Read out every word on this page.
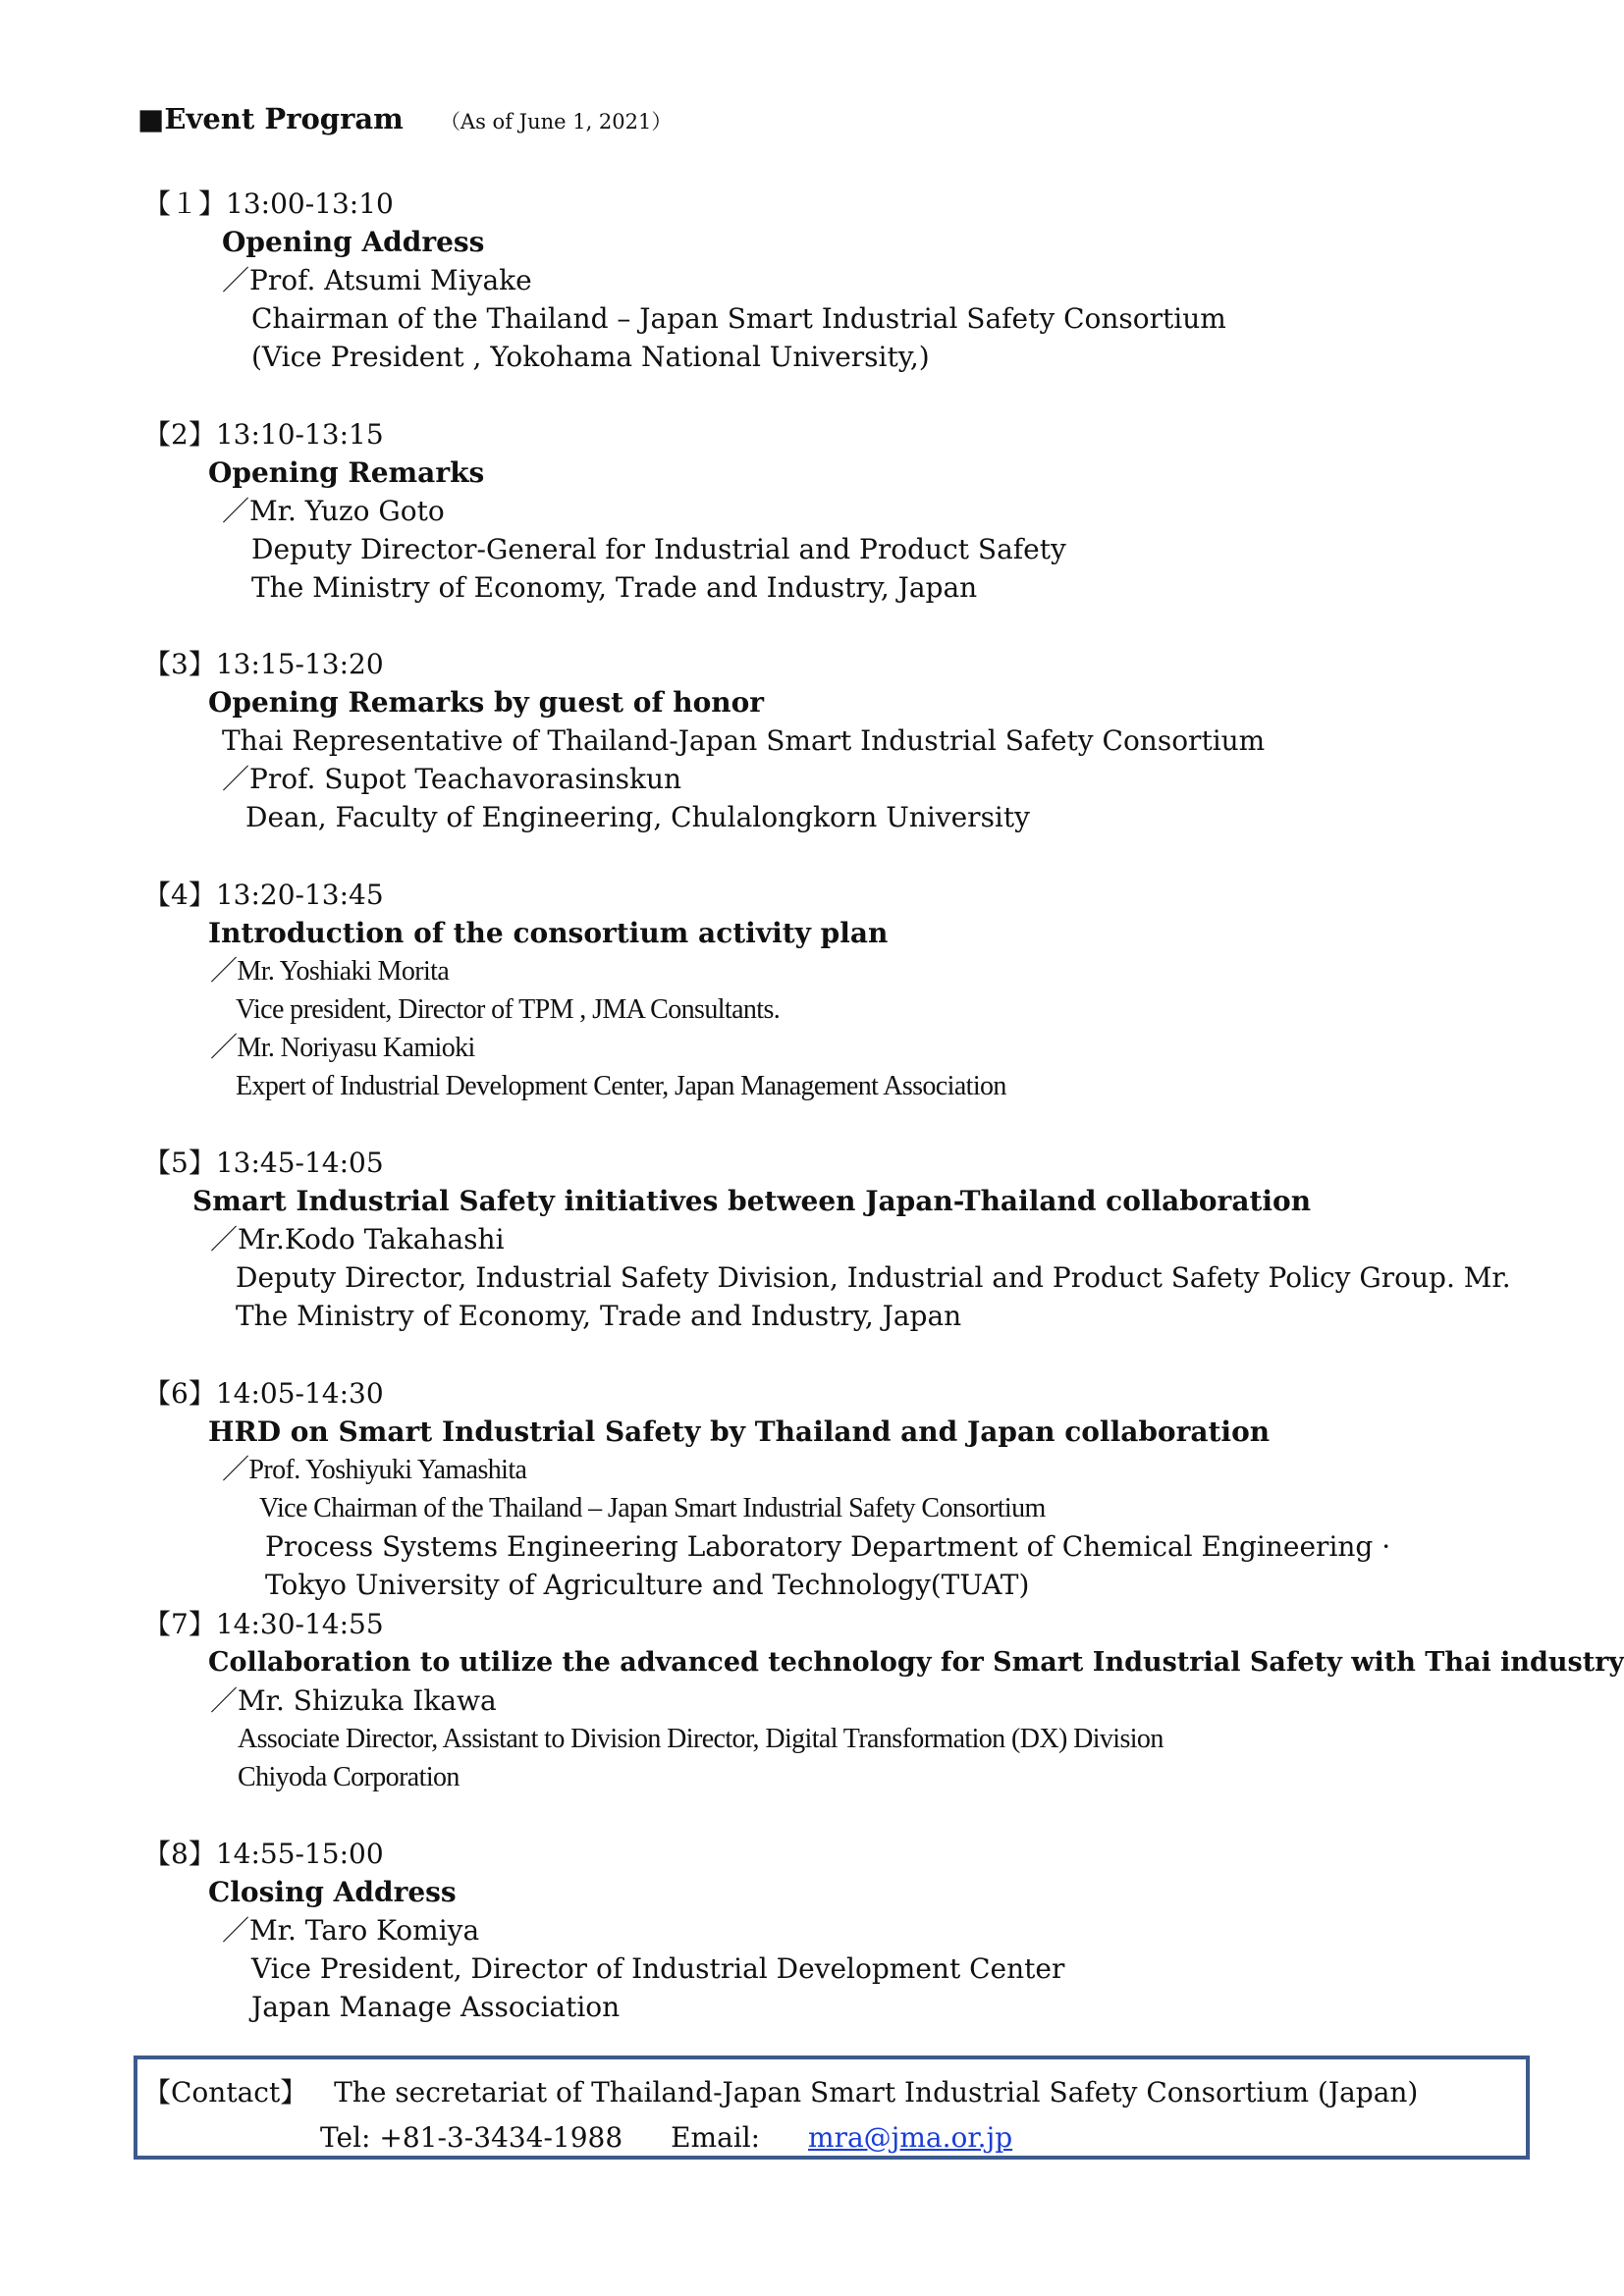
■Event Program （As of June 1, 2021）
【１】13:00-13:10
Opening Address
／Prof. Atsumi Miyake
Chairman of the Thailand – Japan Smart Industrial Safety Consortium
(Vice President , Yokohama National University,)
【2】13:10-13:15
Opening Remarks
／Mr. Yuzo Goto
Deputy Director-General for Industrial and Product Safety
The Ministry of Economy, Trade and Industry, Japan
【3】13:15-13:20
Opening Remarks by guest of honor
Thai Representative of Thailand-Japan Smart Industrial Safety Consortium
／Prof. Supot Teachavorasinskun
Dean, Faculty of Engineering, Chulalongkorn University
【4】13:20-13:45
Introduction of the consortium activity plan
／Mr. Yoshiaki Morita
Vice president, Director of TPM , JMA Consultants.
／Mr. Noriyasu Kamioki
Expert of Industrial Development Center, Japan Management Association
【5】13:45-14:05
Smart Industrial Safety initiatives between Japan-Thailand collaboration
／Mr.Kodo Takahashi
Deputy Director, Industrial Safety Division, Industrial and Product Safety Policy Group. Mr.
The Ministry of Economy, Trade and Industry, Japan
【6】14:05-14:30
HRD on Smart Industrial Safety by Thailand and Japan collaboration
／Prof. Yoshiyuki Yamashita
Vice Chairman of the Thailand – Japan Smart Industrial Safety Consortium
Process Systems Engineering Laboratory Department of Chemical Engineering ·
Tokyo University of Agriculture and Technology(TUAT)
【7】14:30-14:55
Collaboration to utilize the advanced technology for Smart Industrial Safety with Thai industry
／Mr. Shizuka Ikawa
Associate Director, Assistant to Division Director, Digital Transformation (DX) Division
Chiyoda Corporation
【8】14:55-15:00
Closing Address
／Mr. Taro Komiya
Vice President, Director of Industrial Development Center
Japan Manage Association
【Contact】 The secretariat of Thailand-Japan Smart Industrial Safety Consortium (Japan)
Tel: +81-3-3434-1988 Email: mra@jma.or.jp
